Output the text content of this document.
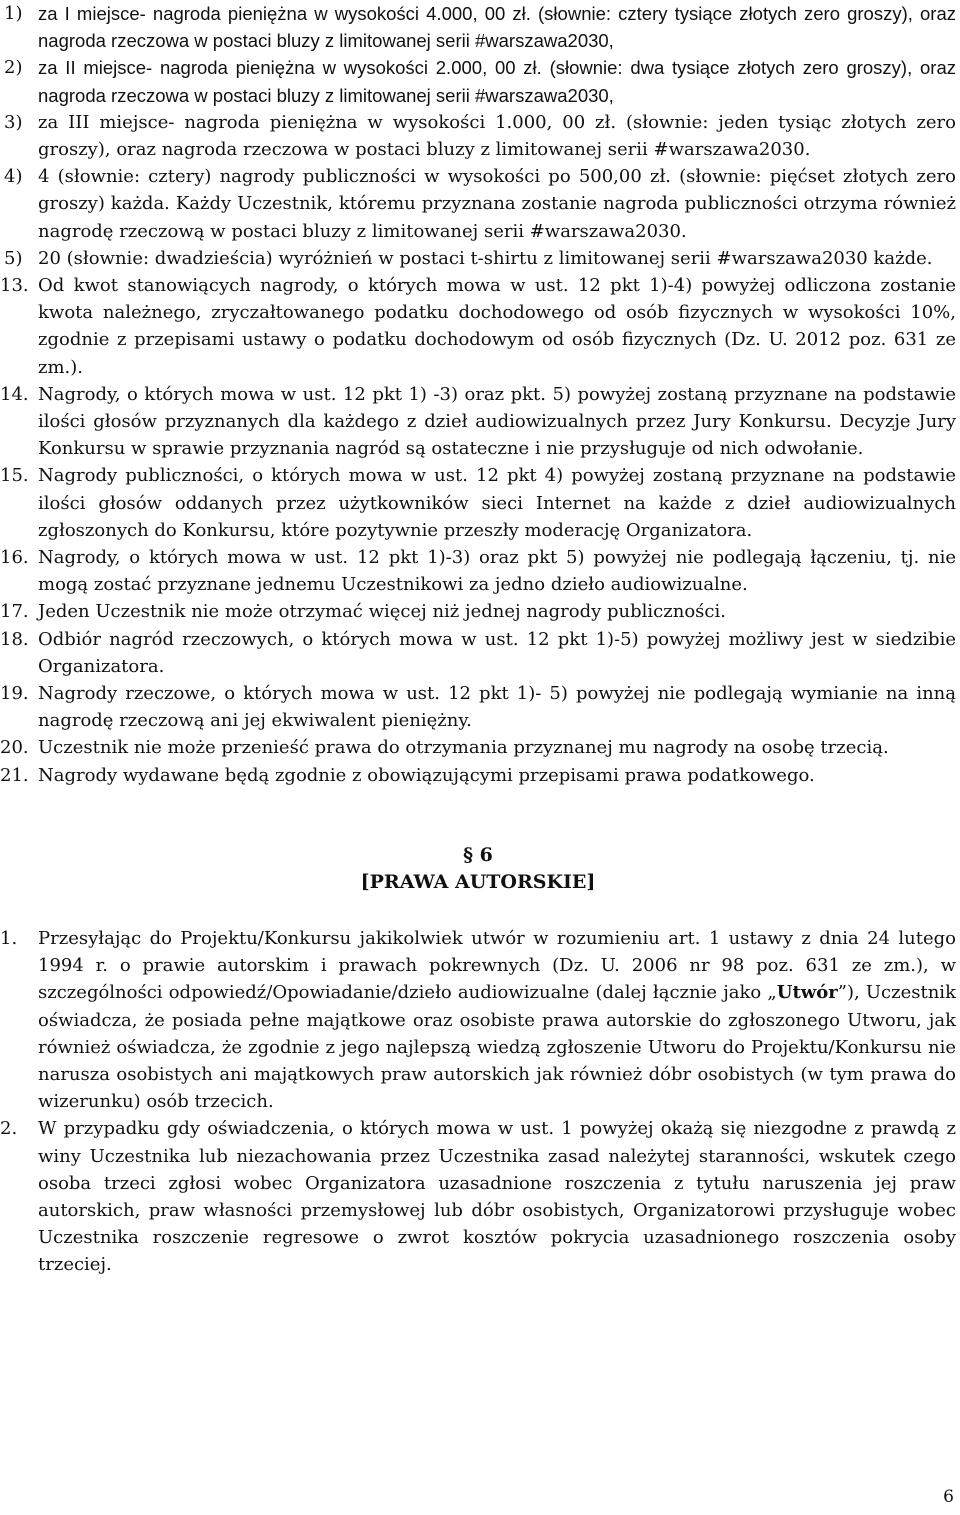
1) za I miejsce- nagroda pieniężna w wysokości 4.000, 00 zł. (słownie: cztery tysiące złotych zero groszy), oraz nagroda rzeczowa w postaci bluzy z limitowanej serii #warszawa2030,
2) za II miejsce- nagroda pieniężna w wysokości 2.000, 00 zł. (słownie: dwa tysiące złotych zero groszy), oraz nagroda rzeczowa w postaci bluzy z limitowanej serii #warszawa2030,
3) za III miejsce- nagroda pieniężna w wysokości 1.000, 00 zł. (słownie: jeden tysiąc złotych zero groszy), oraz nagroda rzeczowa w postaci bluzy z limitowanej serii #warszawa2030.
4) 4 (słownie: cztery) nagrody publiczności w wysokości po 500,00 zł. (słownie: pięćset złotych zero groszy) każda. Każdy Uczestnik, któremu przyznana zostanie nagroda publiczności otrzyma również nagrodę rzeczową w postaci bluzy z limitowanej serii #warszawa2030.
5) 20 (słownie: dwadzieścia) wyróżnień w postaci t-shirtu z limitowanej serii #warszawa2030 każde.
13. Od kwot stanowiących nagrody, o których mowa w ust. 12 pkt 1)-4) powyżej odliczona zostanie kwota należnego, zryczałtowanego podatku dochodowego od osób fizycznych w wysokości 10%, zgodnie z przepisami ustawy o podatku dochodowym od osób fizycznych (Dz. U. 2012 poz. 631 ze zm.).
14. Nagrody, o których mowa w ust. 12 pkt 1) -3) oraz pkt. 5) powyżej zostaną przyznane na podstawie ilości głosów przyznanych dla każdego z dzieł audiowizualnych przez Jury Konkursu. Decyzje Jury Konkursu w sprawie przyznania nagród są ostateczne i nie przysługuje od nich odwołanie.
15. Nagrody publiczności, o których mowa w ust. 12 pkt 4) powyżej zostaną przyznane na podstawie ilości głosów oddanych przez użytkowników sieci Internet na każde z dzieł audiowizualnych zgłoszonych do Konkursu, które pozytywnie przeszły moderację Organizatora.
16. Nagrody, o których mowa w ust. 12 pkt 1)-3) oraz pkt 5) powyżej nie podlegają łączeniu, tj. nie mogą zostać przyznane jednemu Uczestnikowi za jedno dzieło audiowizualne.
17. Jeden Uczestnik nie może otrzymać więcej niż jednej nagrody publiczności.
18. Odbiór nagród rzeczowych, o których mowa w ust. 12 pkt 1)-5) powyżej możliwy jest w siedzibie Organizatora.
19. Nagrody rzeczowe, o których mowa w ust. 12 pkt 1)- 5) powyżej nie podlegają wymianie na inną nagrodę rzeczową ani jej ekwiwalent pieniężny.
20. Uczestnik nie może przenieść prawa do otrzymania przyznanej mu nagrody na osobę trzecią.
21. Nagrody wydawane będą zgodnie z obowiązującymi przepisami prawa podatkowego.
§ 6
[PRAWA AUTORSKIE]
1.	Przesyłając do Projektu/Konkursu jakikolwiek utwór w rozumieniu art. 1 ustawy z dnia 24 lutego 1994 r. o prawie autorskim i prawach pokrewnych (Dz. U. 2006 nr 98 poz. 631 ze zm.), w szczególności odpowiedź/Opowiadanie/dzieło audiowizualne (dalej łącznie jako „Utwór”), Uczestnik oświadcza, że posiada pełne majątkowe oraz osobiste prawa autorskie do zgłoszonego Utworu, jak również oświadcza, że zgodnie z jego najlepszą wiedzą zgłoszenie Utworu do Projektu/Konkursu nie narusza osobistych ani majątkowych praw autorskich jak również dóbr osobistych (w tym prawa do wizerunku) osób trzecich.
2.	W przypadku gdy oświadczenia, o których mowa w ust. 1 powyżej okażą się niezgodne z prawdą z winy Uczestnika lub niezachowania przez Uczestnika zasad należytej staranności, wskutek czego osoba trzeci zgłosi wobec Organizatora uzasadnione roszczenia z tytułu naruszenia jej praw autorskich, praw własności przemysłowej lub dóbr osobistych, Organizatorowi przysługuje wobec Uczestnika roszczenie regresowe o zwrot kosztów pokrycia uzasadnionego roszczenia osoby trzeciej.
6
